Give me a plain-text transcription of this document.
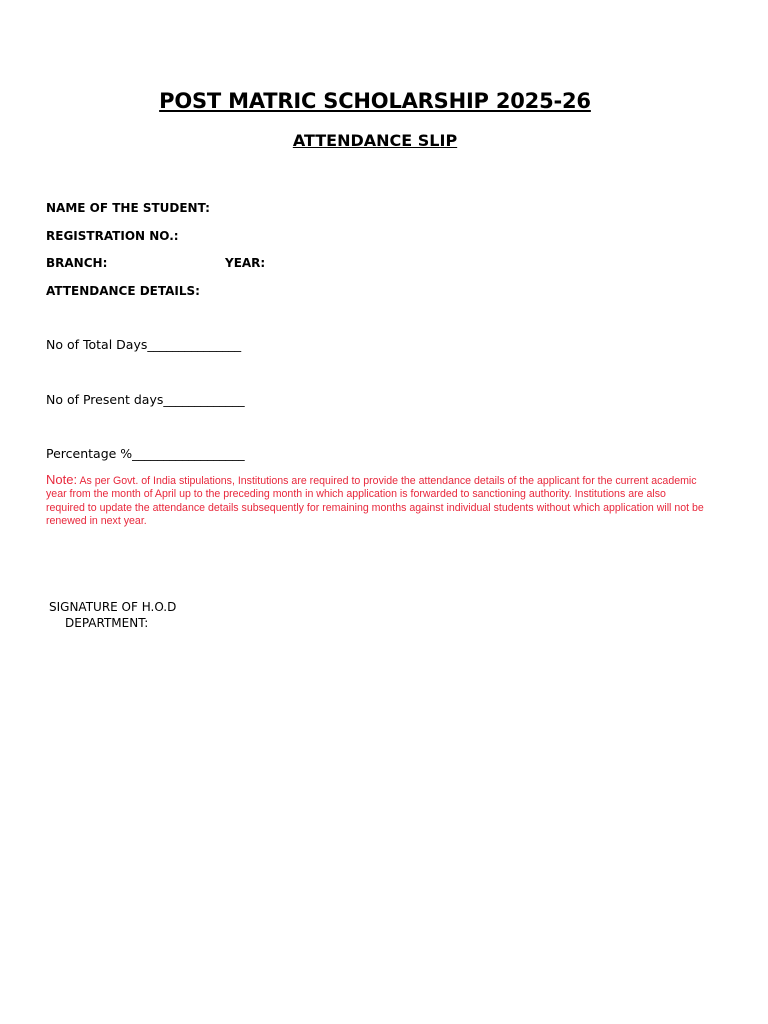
POST MATRIC SCHOLARSHIP 2025-26
ATTENDANCE SLIP
NAME OF THE STUDENT:
REGISTRATION NO.:
BRANCH:	YEAR:
ATTENDANCE DETAILS:
No of Total Days_______________
No of Present days_____________
Percentage %__________________
Note: As per Govt. of India stipulations, Institutions are required to provide the attendance details of the applicant for the current academic year from the month of April up to the preceding month in which application is forwarded to sanctioning authority. Institutions are also required to update the attendance details subsequently for remaining months against individual students without which application will not be renewed in next year.
SIGNATURE OF H.O.D
DEPARTMENT:
